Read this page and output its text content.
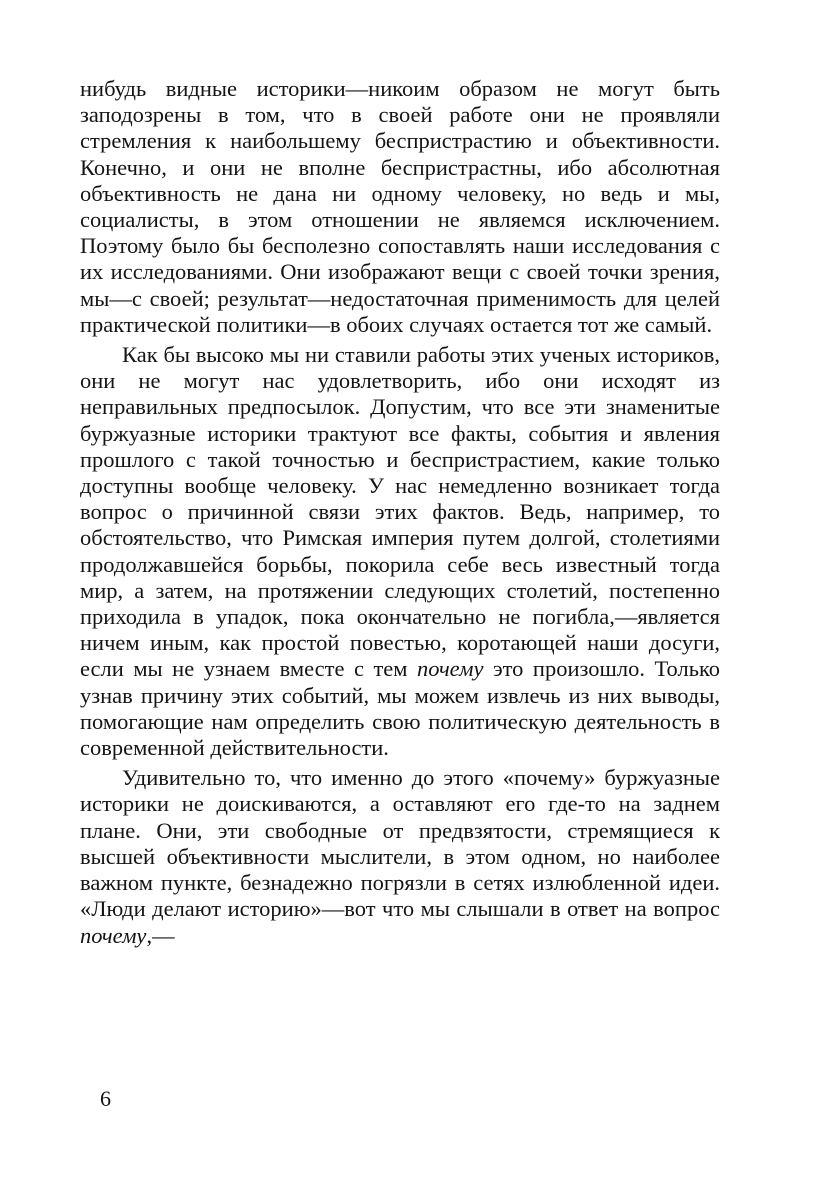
нибудь видные историки—никоим образом не могут быть заподозрены в том, что в своей работе они не проявляли стремления к наибольшему беспристрастию и объективности. Конечно, и они не вполне беспристрастны, ибо абсолютная объективность не дана ни одному человеку, но ведь и мы, социалисты, в этом отношении не являемся исключением. Поэтому было бы бесполезно сопоставлять наши исследования с их исследованиями. Они изображают вещи с своей точки зрения, мы—с своей; результат—недостаточная применимость для целей практической политики—в обоих случаях остается тот же самый.

Как бы высоко мы ни ставили работы этих ученых историков, они не могут нас удовлетворить, ибо они исходят из неправильных предпосылок. Допустим, что все эти знаменитые буржуазные историки трактуют все факты, события и явления прошлого с такой точностью и беспристрастием, какие только доступны вообще человеку. У нас немедленно возникает тогда вопрос о причинной связи этих фактов. Ведь, например, то обстоятельство, что Римская империя путем долгой, столетиями продолжавшейся борьбы, покорила себе весь известный тогда мир, а затем, на протяжении следующих столетий, постепенно приходила в упадок, пока окончательно не погибла,—является ничем иным, как простой повестью, коротающей наши досуги, если мы не узнаем вместе с тем почему это произошло. Только узнав причину этих событий, мы можем извлечь из них выводы, помогающие нам определить свою политическую деятельность в современной действительности.

Удивительно то, что именно до этого «почему» буржуазные историки не доискиваются, а оставляют его где-то на заднем плане. Они, эти свободные от предвзятости, стремящиеся к высшей объективности мыслители, в этом одном, но наиболее важном пункте, безнадежно погрязли в сетях излюбленной идеи. «Люди делают историю»—вот что мы слышали в ответ на вопрос почему,—

6
